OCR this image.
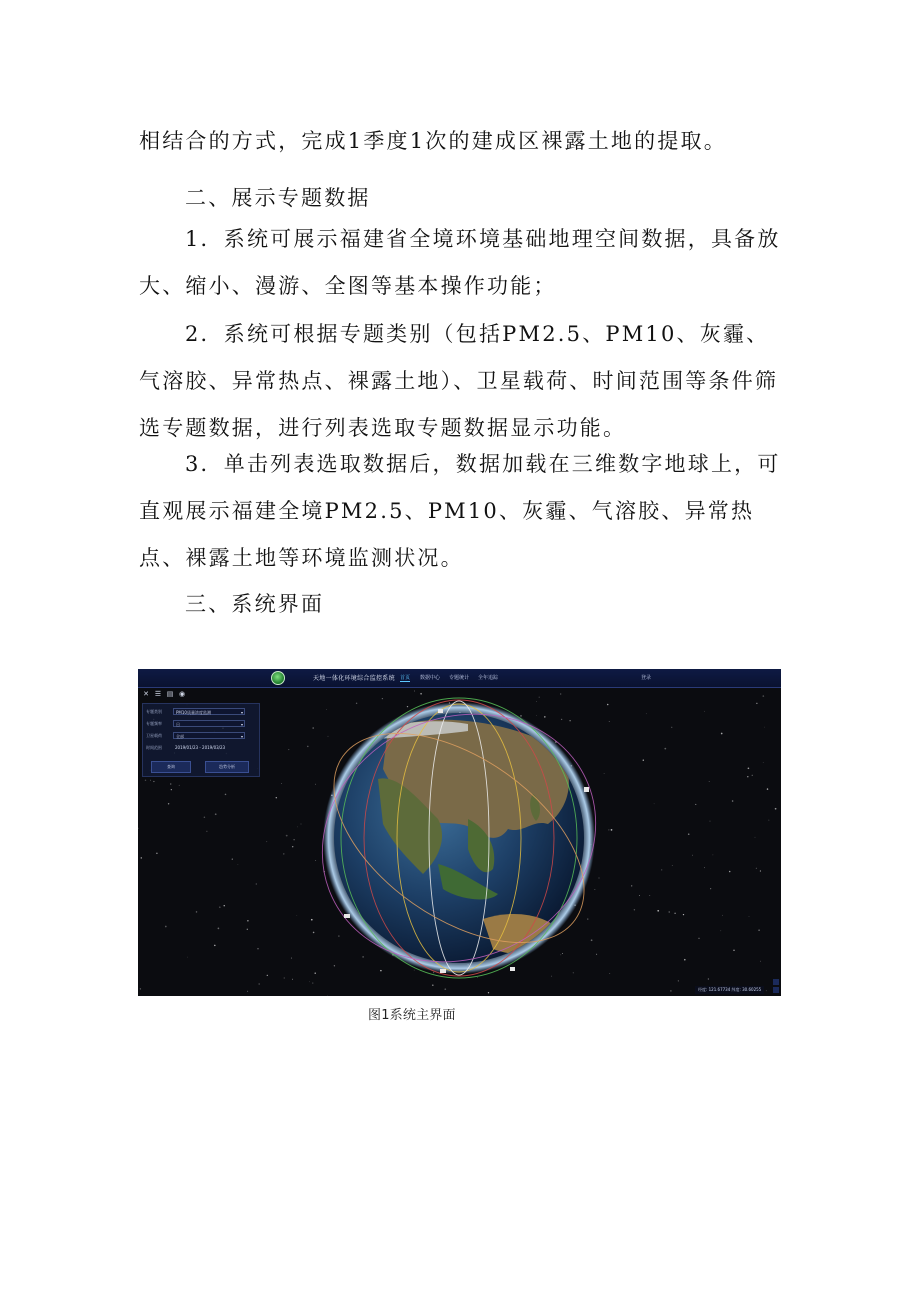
相结合的方式，完成1季度1次的建成区裸露土地的提取。

二、展示专题数据

1．系统可展示福建省全境环境基础地理空间数据，具备放大、缩小、漫游、全图等基本操作功能；

2．系统可根据专题类别（包括PM2.5、PM10、灰霾、气溶胶、异常热点、裸露土地）、卫星载荷、时间范围等条件筛选专题数据，进行列表选取专题数据显示功能。

3．单击列表选取数据后，数据加载在三维数字地球上，可直观展示福建全境PM2.5、PM10、灰霾、气溶胶、异常热点、裸露土地等环境监测状况。

三、系统界面

天地一体化环境综合监控系统 首页 数据中心 专题统计 全年追踪	登录
✕ ☰ ▤ ◉
专题类别	PM10质量浓度监测	▾
专题频率	日	▾
卫星载荷	全部	▾
时间范围	2019/01/23 - 2019/03/23
查询	趋势分析
经度: 121.67734 纬度: 30.60255
图1系统主界面
